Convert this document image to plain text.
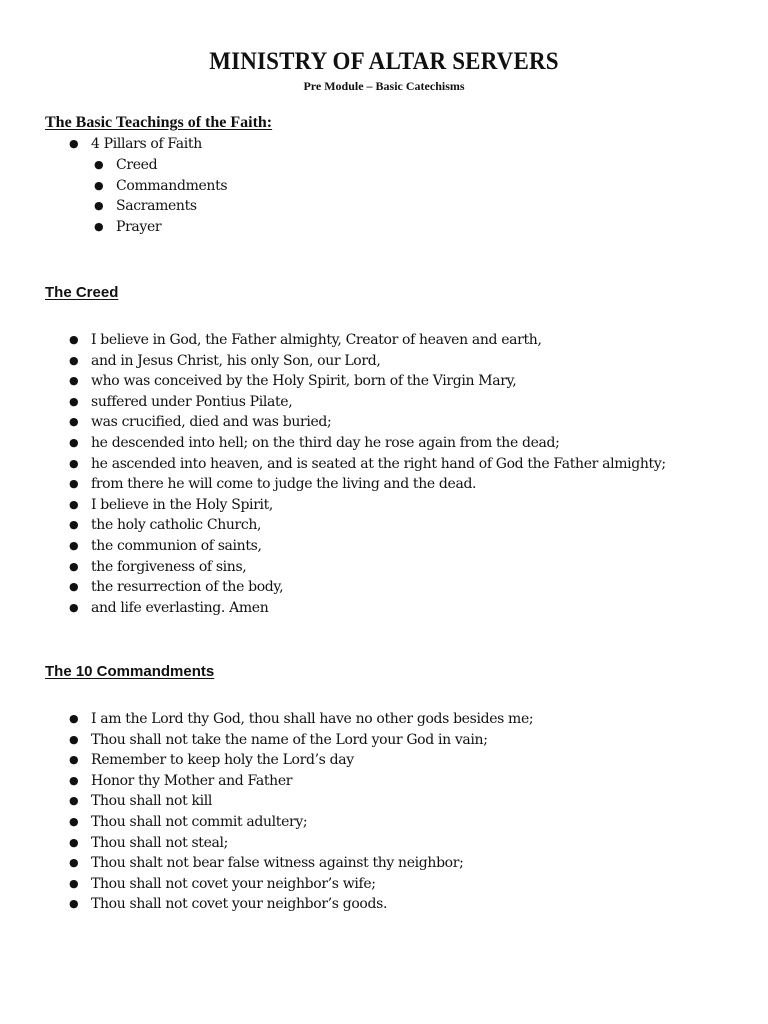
MINISTRY OF ALTAR SERVERS
Pre Module – Basic Catechisms
The Basic Teachings of the Faith:
● 4 Pillars of Faith
● Creed
● Commandments
● Sacraments
● Prayer
The Creed
● I believe in God, the Father almighty, Creator of heaven and earth,
● and in Jesus Christ, his only Son, our Lord,
● who was conceived by the Holy Spirit, born of the Virgin Mary,
● suffered under Pontius Pilate,
● was crucified, died and was buried;
● he descended into hell; on the third day he rose again from the dead;
● he ascended into heaven, and is seated at the right hand of God the Father almighty;
● from there he will come to judge the living and the dead.
● I believe in the Holy Spirit,
● the holy catholic Church,
● the communion of saints,
● the forgiveness of sins,
● the resurrection of the body,
● and life everlasting. Amen
The 10 Commandments
● I am the Lord thy God, thou shall have no other gods besides me;
● Thou shall not take the name of the Lord your God in vain;
● Remember to keep holy the Lord’s day
● Honor thy Mother and Father
● Thou shall not kill
● Thou shall not commit adultery;
● Thou shall not steal;
● Thou shalt not bear false witness against thy neighbor;
● Thou shall not covet your neighbor’s wife;
● Thou shall not covet your neighbor’s goods.
